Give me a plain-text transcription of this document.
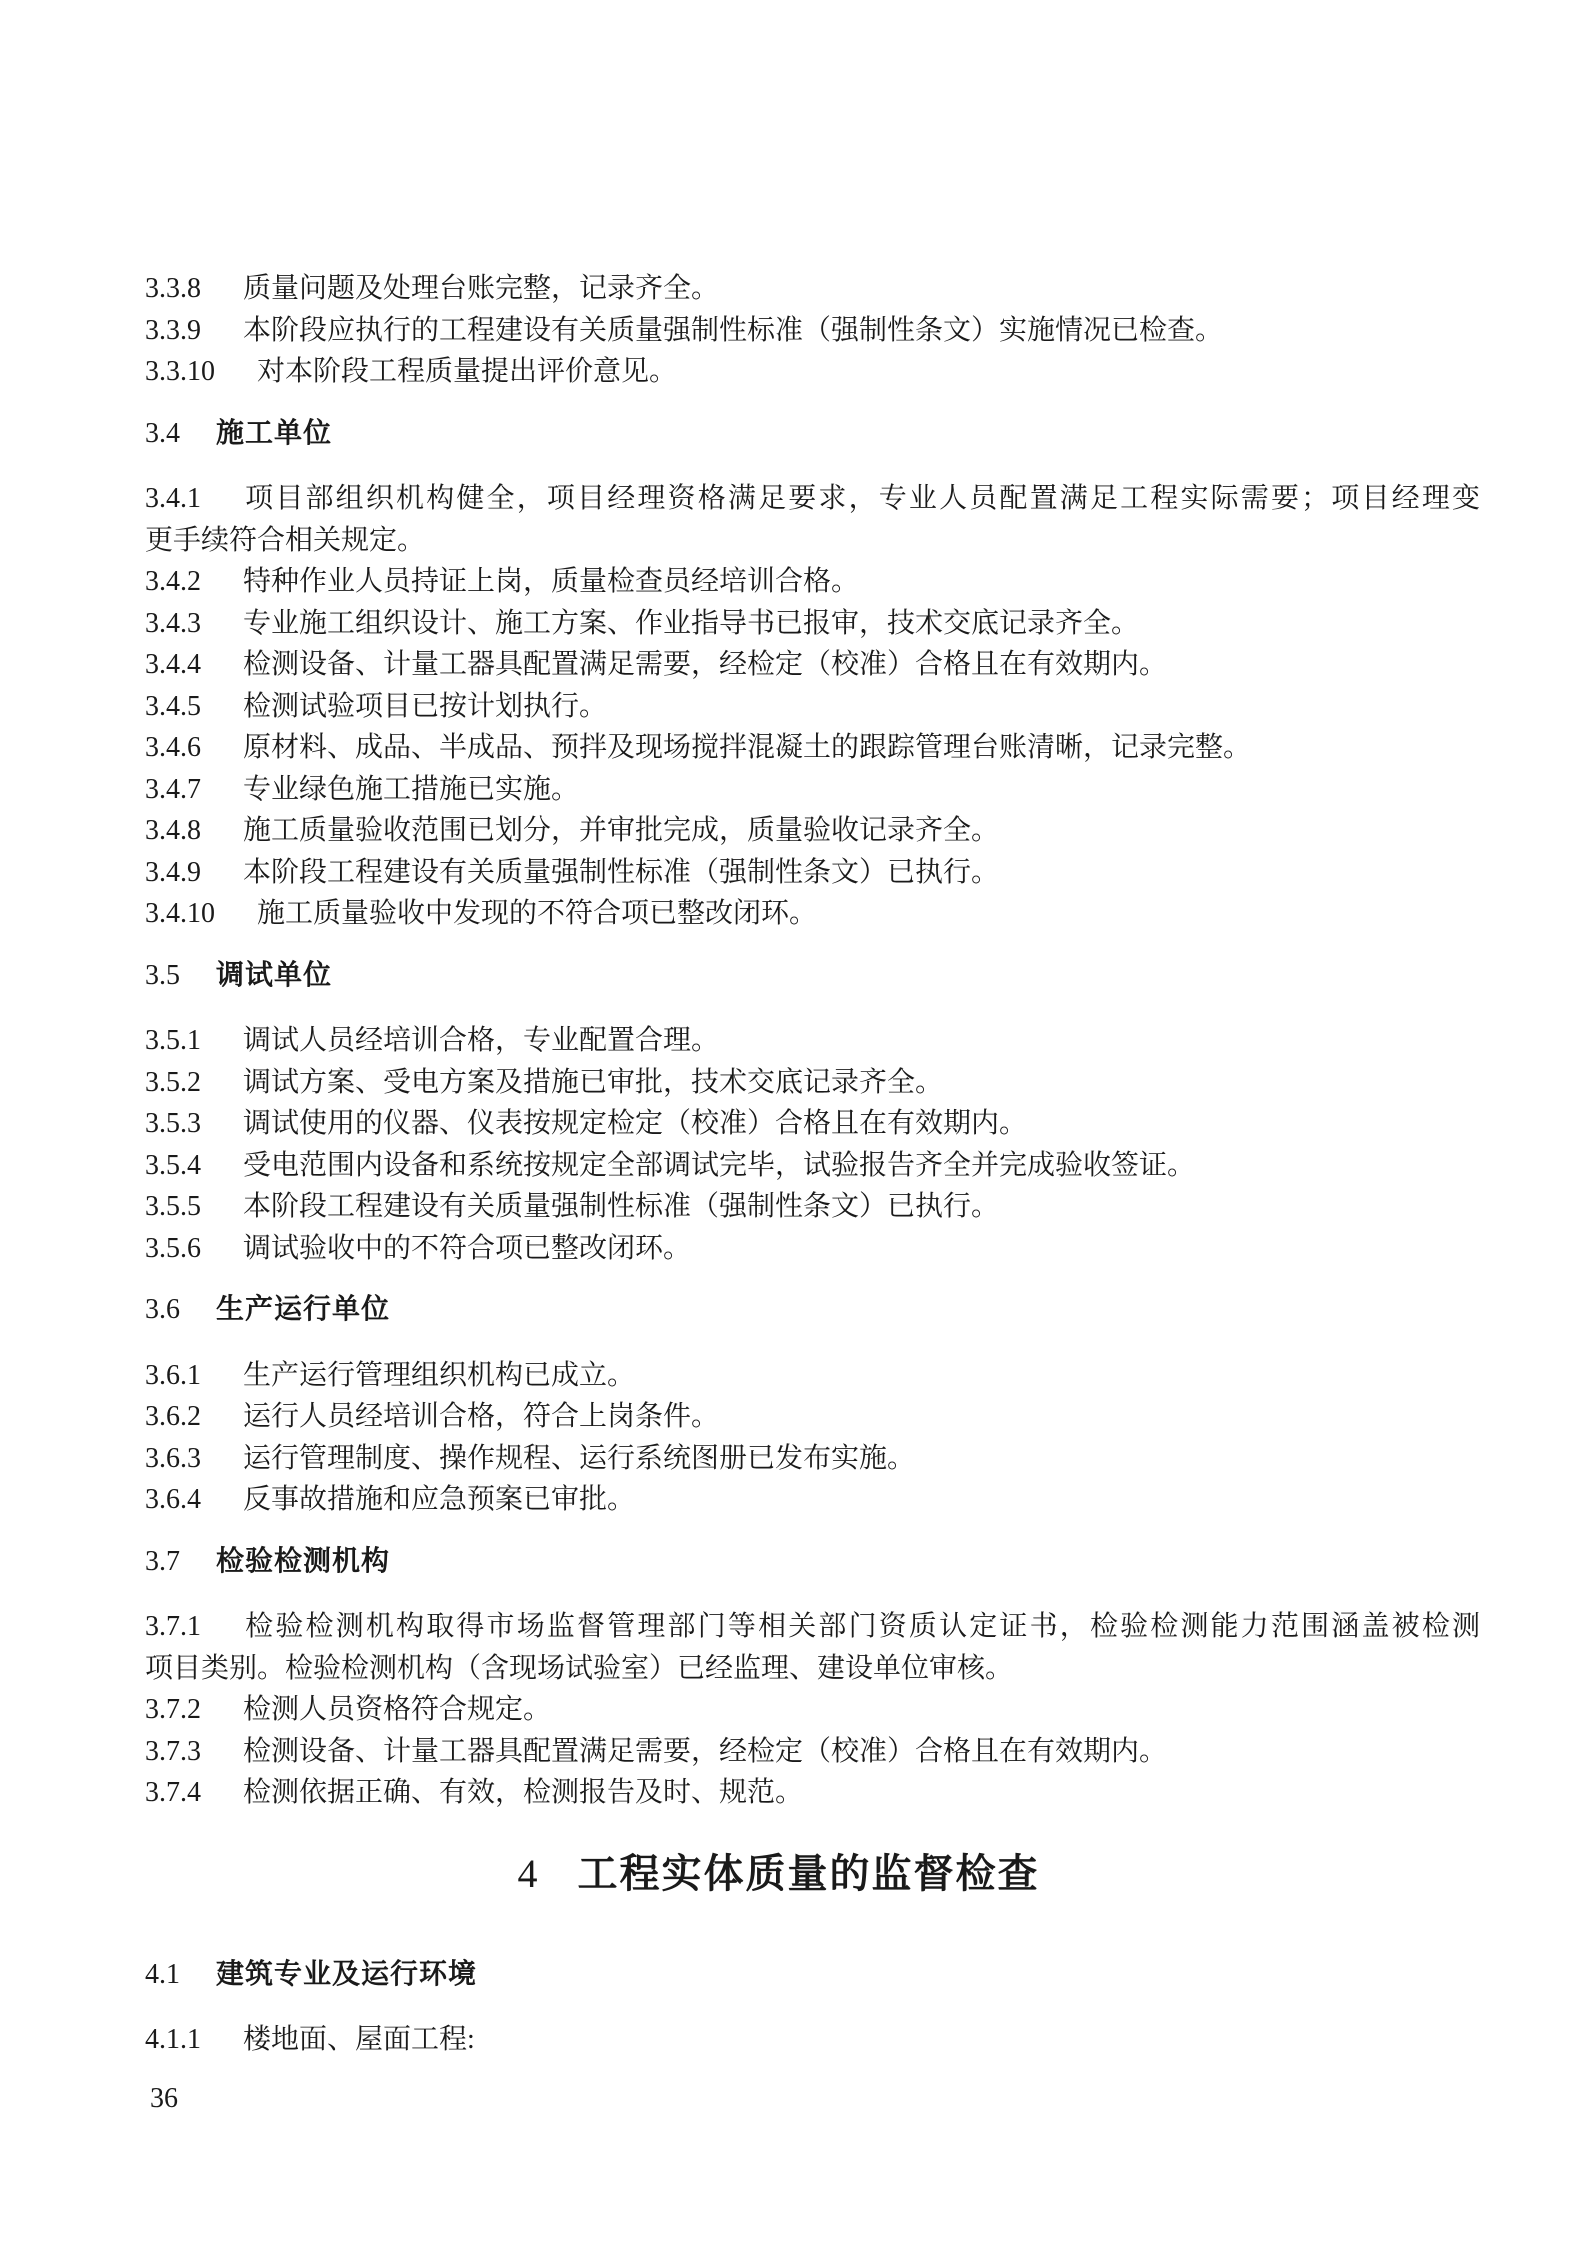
3.3.8 质量问题及处理台账完整，记录齐全。
3.3.9 本阶段应执行的工程建设有关质量强制性标准（强制性条文）实施情况已检查。
3.3.10 对本阶段工程质量提出评价意见。
3.4 施工单位
3.4.1 项目部组织机构健全，项目经理资格满足要求，专业人员配置满足工程实际需要；项目经理变
更手续符合相关规定。
3.4.2 特种作业人员持证上岗，质量检查员经培训合格。
3.4.3 专业施工组织设计、施工方案、作业指导书已报审，技术交底记录齐全。
3.4.4 检测设备、计量工器具配置满足需要，经检定（校准）合格且在有效期内。
3.4.5 检测试验项目已按计划执行。
3.4.6 原材料、成品、半成品、预拌及现场搅拌混凝土的跟踪管理台账清晰，记录完整。
3.4.7 专业绿色施工措施已实施。
3.4.8 施工质量验收范围已划分，并审批完成，质量验收记录齐全。
3.4.9 本阶段工程建设有关质量强制性标准（强制性条文）已执行。
3.4.10 施工质量验收中发现的不符合项已整改闭环。
3.5 调试单位
3.5.1 调试人员经培训合格，专业配置合理。
3.5.2 调试方案、受电方案及措施已审批，技术交底记录齐全。
3.5.3 调试使用的仪器、仪表按规定检定（校准）合格且在有效期内。
3.5.4 受电范围内设备和系统按规定全部调试完毕，试验报告齐全并完成验收签证。
3.5.5 本阶段工程建设有关质量强制性标准（强制性条文）已执行。
3.5.6 调试验收中的不符合项已整改闭环。
3.6 生产运行单位
3.6.1 生产运行管理组织机构已成立。
3.6.2 运行人员经培训合格，符合上岗条件。
3.6.3 运行管理制度、操作规程、运行系统图册已发布实施。
3.6.4 反事故措施和应急预案已审批。
3.7 检验检测机构
3.7.1 检验检测机构取得市场监督管理部门等相关部门资质认定证书，检验检测能力范围涵盖被检测
项目类别。检验检测机构（含现场试验室）已经监理、建设单位审核。
3.7.2 检测人员资格符合规定。
3.7.3 检测设备、计量工器具配置满足需要，经检定（校准）合格且在有效期内。
3.7.4 检测依据正确、有效，检测报告及时、规范。
4 工程实体质量的监督检查
4.1 建筑专业及运行环境
4.1.1 楼地面、屋面工程:
36
